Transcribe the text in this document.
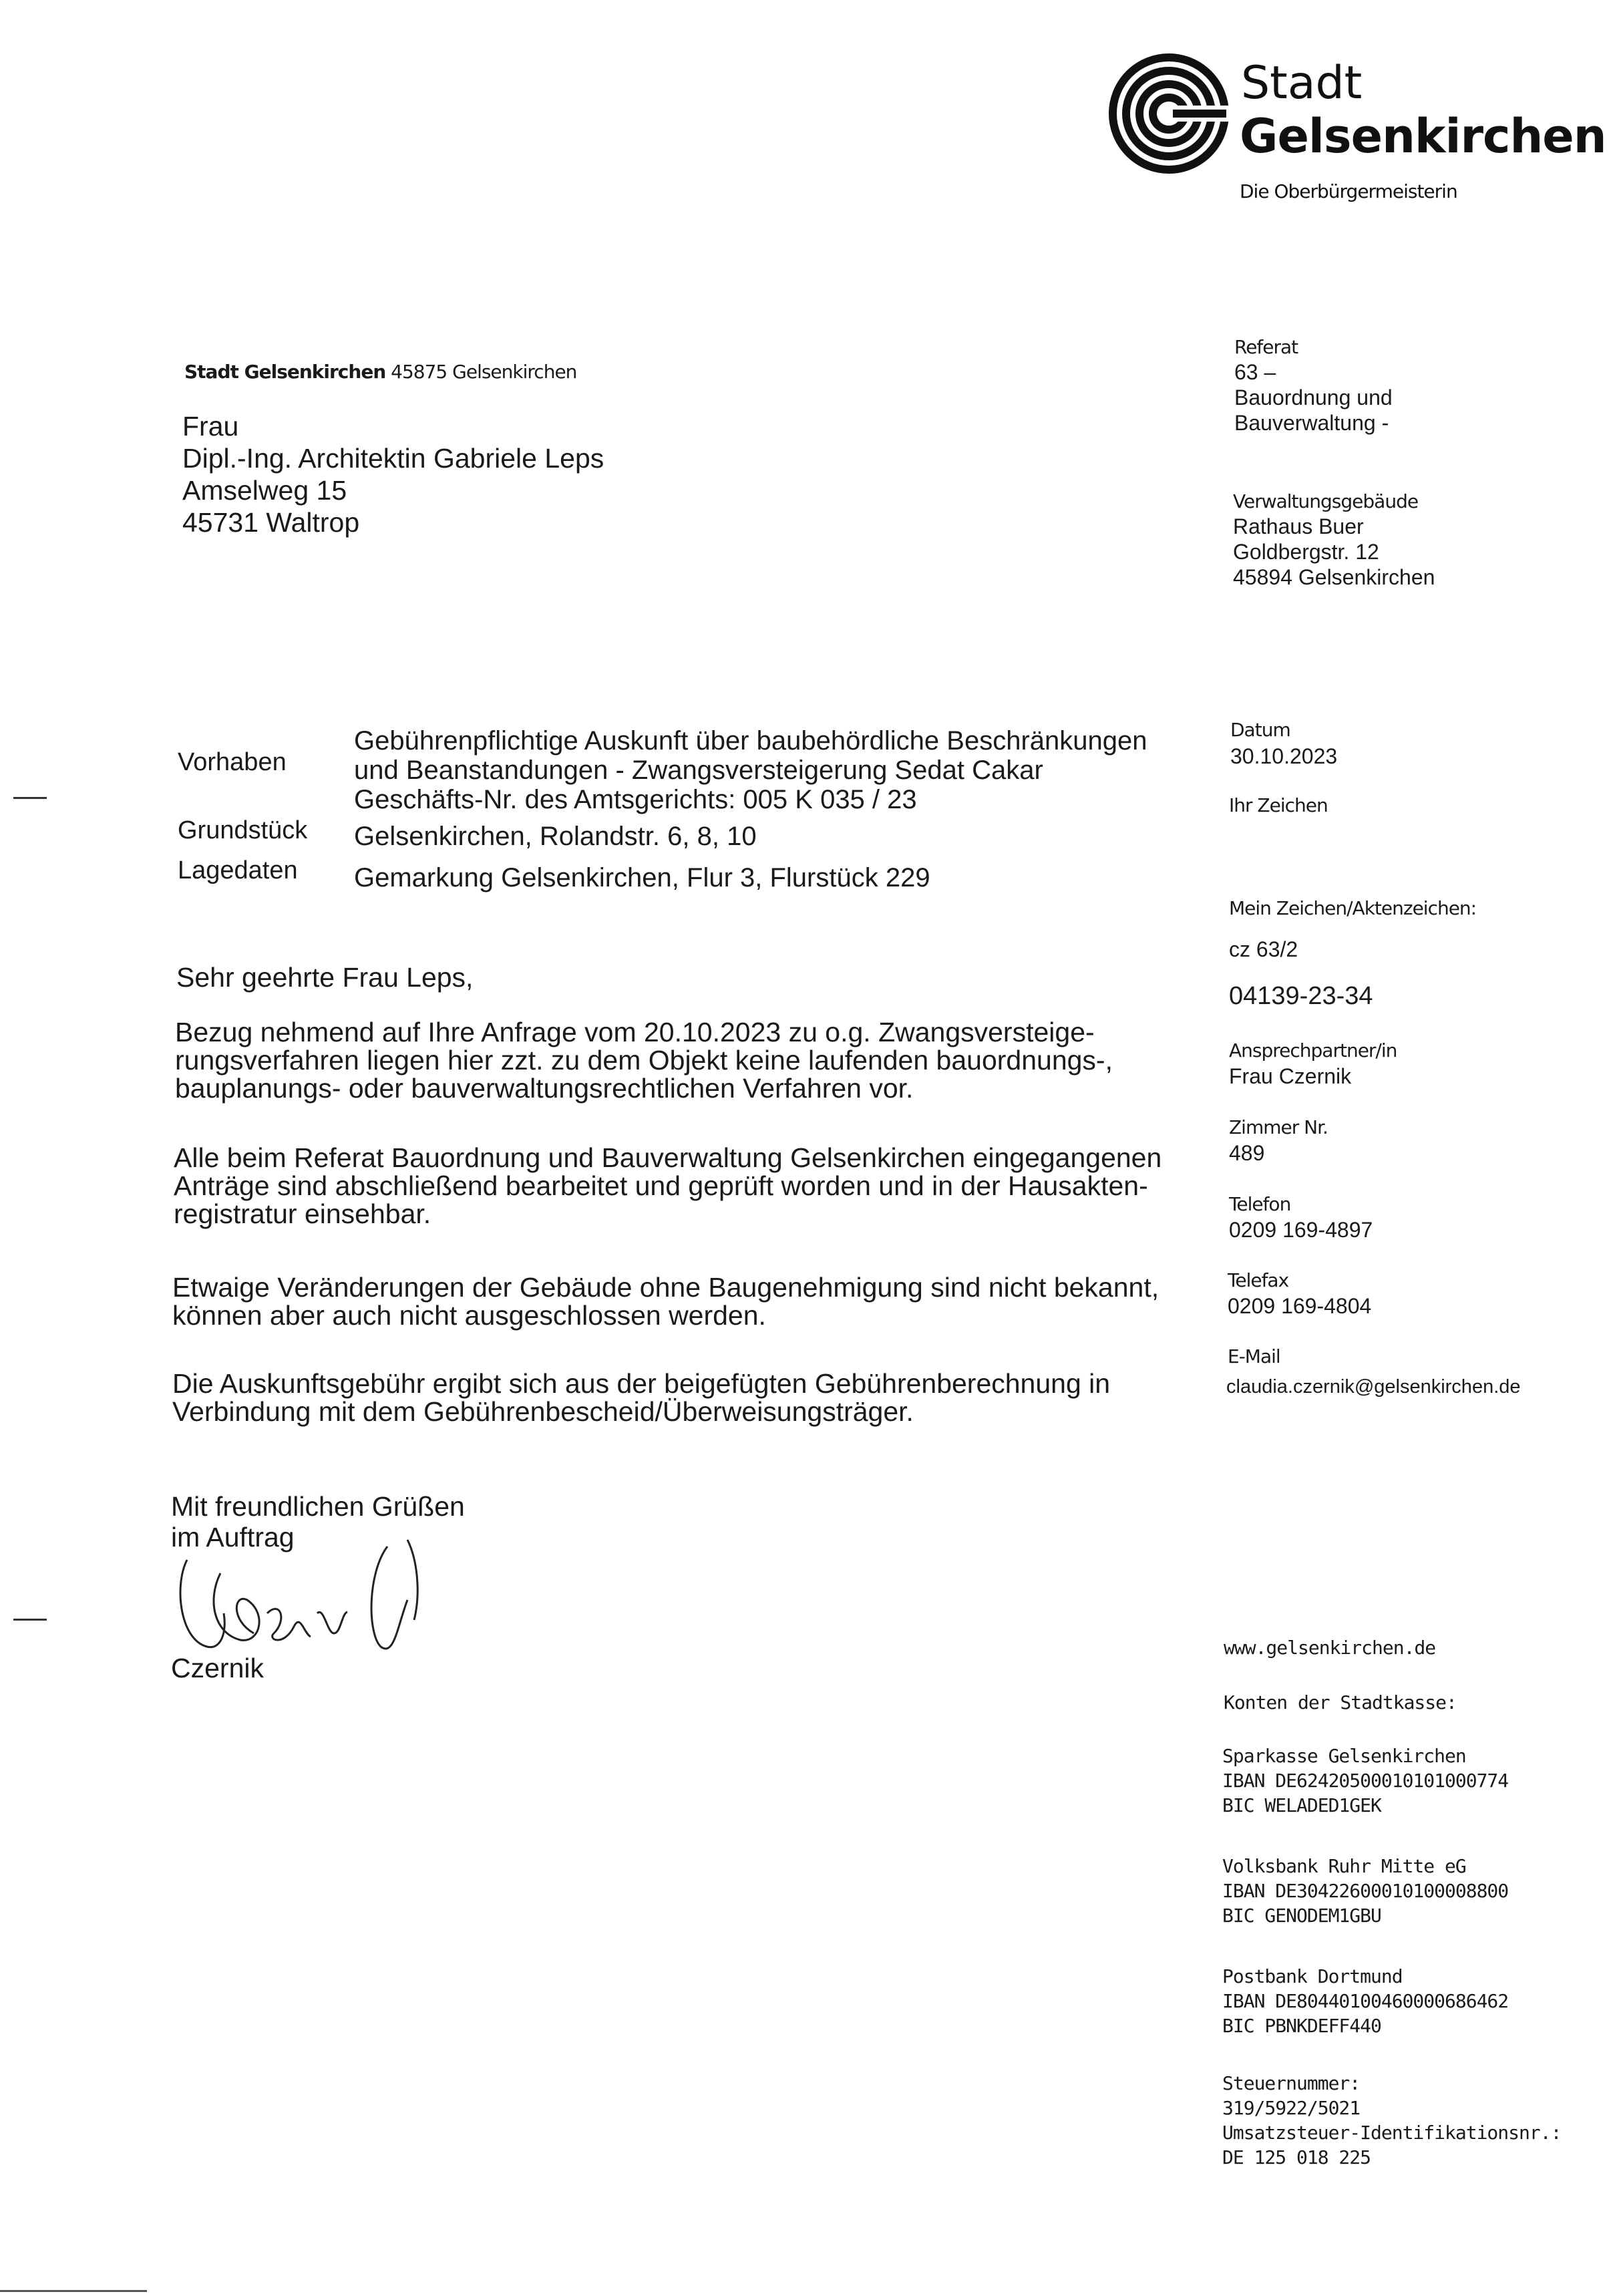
Stadt
Gelsenkirchen
Die Oberbürgermeisterin
Stadt Gelsenkirchen 45875 Gelsenkirchen
Frau
Dipl.-Ing. Architektin Gabriele Leps
Amselweg 15
45731 Waltrop
Referat
63 –
Bauordnung und
Bauverwaltung -
Verwaltungsgebäude
Rathaus Buer
Goldbergstr. 12
45894 Gelsenkirchen
Vorhaben
Gebührenpflichtige Auskunft über baubehördliche Beschränkungen
und Beanstandungen - Zwangsversteigerung Sedat Cakar
Geschäfts-Nr. des Amtsgerichts: 005 K 035 / 23
Grundstück Gelsenkirchen, Rolandstr. 6, 8, 10
Lagedaten Gemarkung Gelsenkirchen, Flur 3, Flurstück 229
Datum
30.10.2023
Ihr Zeichen
Mein Zeichen/Aktenzeichen:
cz 63/2
04139-23-34
Ansprechpartner/in
Frau Czernik
Zimmer Nr.
489
Telefon
0209 169-4897
Telefax
0209 169-4804
E-Mail
claudia.czernik@gelsenkirchen.de
Sehr geehrte Frau Leps,
Bezug nehmend auf Ihre Anfrage vom 20.10.2023 zu o.g. Zwangsversteige-
rungsverfahren liegen hier zzt. zu dem Objekt keine laufenden bauordnungs-,
bauplanungs- oder bauverwaltungsrechtlichen Verfahren vor.
Alle beim Referat Bauordnung und Bauverwaltung Gelsenkirchen eingegangenen
Anträge sind abschließend bearbeitet und geprüft worden und in der Hausakten-
registratur einsehbar.
Etwaige Veränderungen der Gebäude ohne Baugenehmigung sind nicht bekannt,
können aber auch nicht ausgeschlossen werden.
Die Auskunftsgebühr ergibt sich aus der beigefügten Gebührenberechnung in
Verbindung mit dem Gebührenbescheid/Überweisungsträger.
Mit freundlichen Grüßen
im Auftrag
Czernik
www.gelsenkirchen.de
Konten der Stadtkasse:
Sparkasse Gelsenkirchen
IBAN DE62420500010101000774
BIC WELADED1GEK
Volksbank Ruhr Mitte eG
IBAN DE30422600010100008800
BIC GENODEM1GBU
Postbank Dortmund
IBAN DE80440100460000686462
BIC PBNKDEFF440
Steuernummer:
319/5922/5021
Umsatzsteuer-Identifikationsnr.:
DE 125 018 225
